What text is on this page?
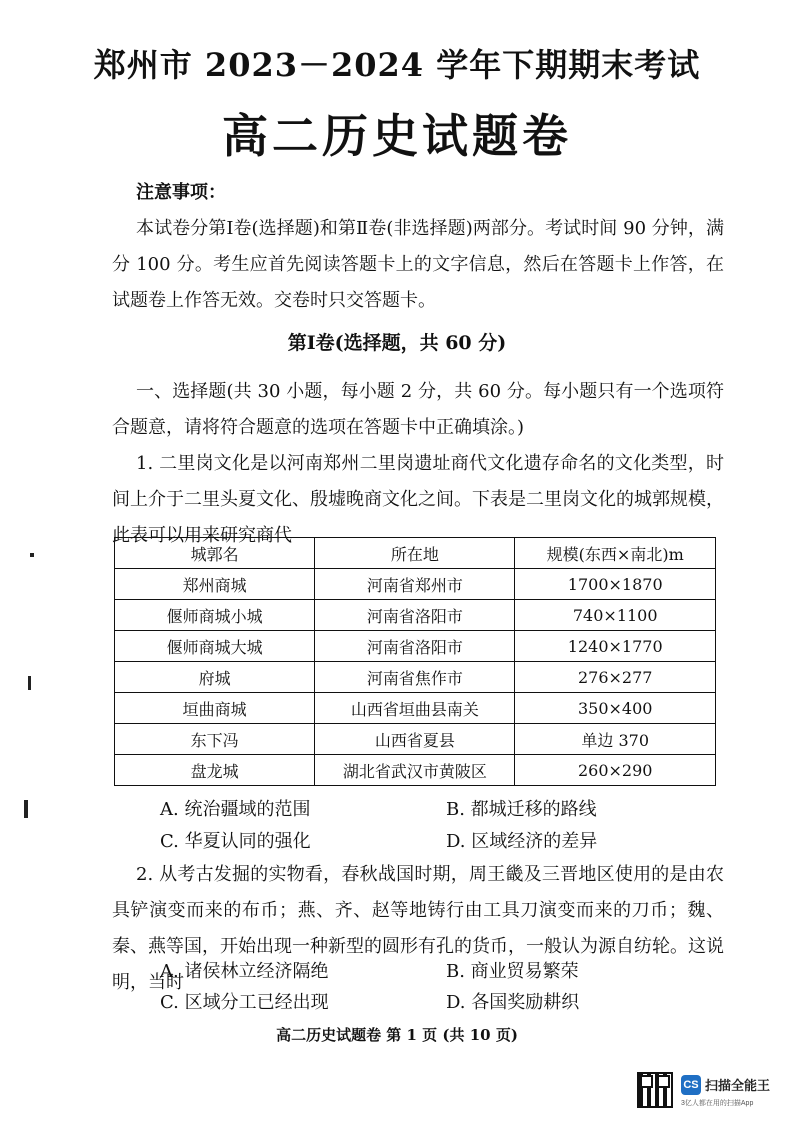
郑州市 2023－2024 学年下期期末考试
高二历史试题卷
注意事项：
本试卷分第Ⅰ卷(选择题)和第Ⅱ卷(非选择题)两部分。考试时间 90 分钟，满分 100 分。考生应首先阅读答题卡上的文字信息，然后在答题卡上作答，在试题卷上作答无效。交卷时只交答题卡。
第Ⅰ卷(选择题，共 60 分)
一、选择题(共 30 小题，每小题 2 分，共 60 分。每小题只有一个选项符合题意，请将符合题意的选项在答题卡中正确填涂。)
1. 二里岗文化是以河南郑州二里岗遗址商代文化遗存命名的文化类型，时间上介于二里头夏文化、殷墟晚商文化之间。下表是二里岗文化的城郭规模，此表可以用来研究商代
城郭名	所在地	规模(东西×南北)m
郑州商城	河南省郑州市	1700×1870
偃师商城小城	河南省洛阳市	740×1100
偃师商城大城	河南省洛阳市	1240×1770
府城	河南省焦作市	276×277
垣曲商城	山西省垣曲县南关	350×400
东下冯	山西省夏县	单边 370
盘龙城	湖北省武汉市黄陂区	260×290
A. 统治疆域的范围	B. 都城迁移的路线
C. 华夏认同的强化	D. 区域经济的差异
2. 从考古发掘的实物看，春秋战国时期，周王畿及三晋地区使用的是由农具铲演变而来的布币；燕、齐、赵等地铸行由工具刀演变而来的刀币；魏、秦、燕等国，开始出现一种新型的圆形有孔的货币，一般认为源自纺轮。这说明，当时
A. 诸侯林立经济隔绝	B. 商业贸易繁荣
C. 区域分工已经出现	D. 各国奖励耕织
高二历史试题卷 第 1 页 (共 10 页)
CS 扫描全能王
3亿人都在用的扫描App
